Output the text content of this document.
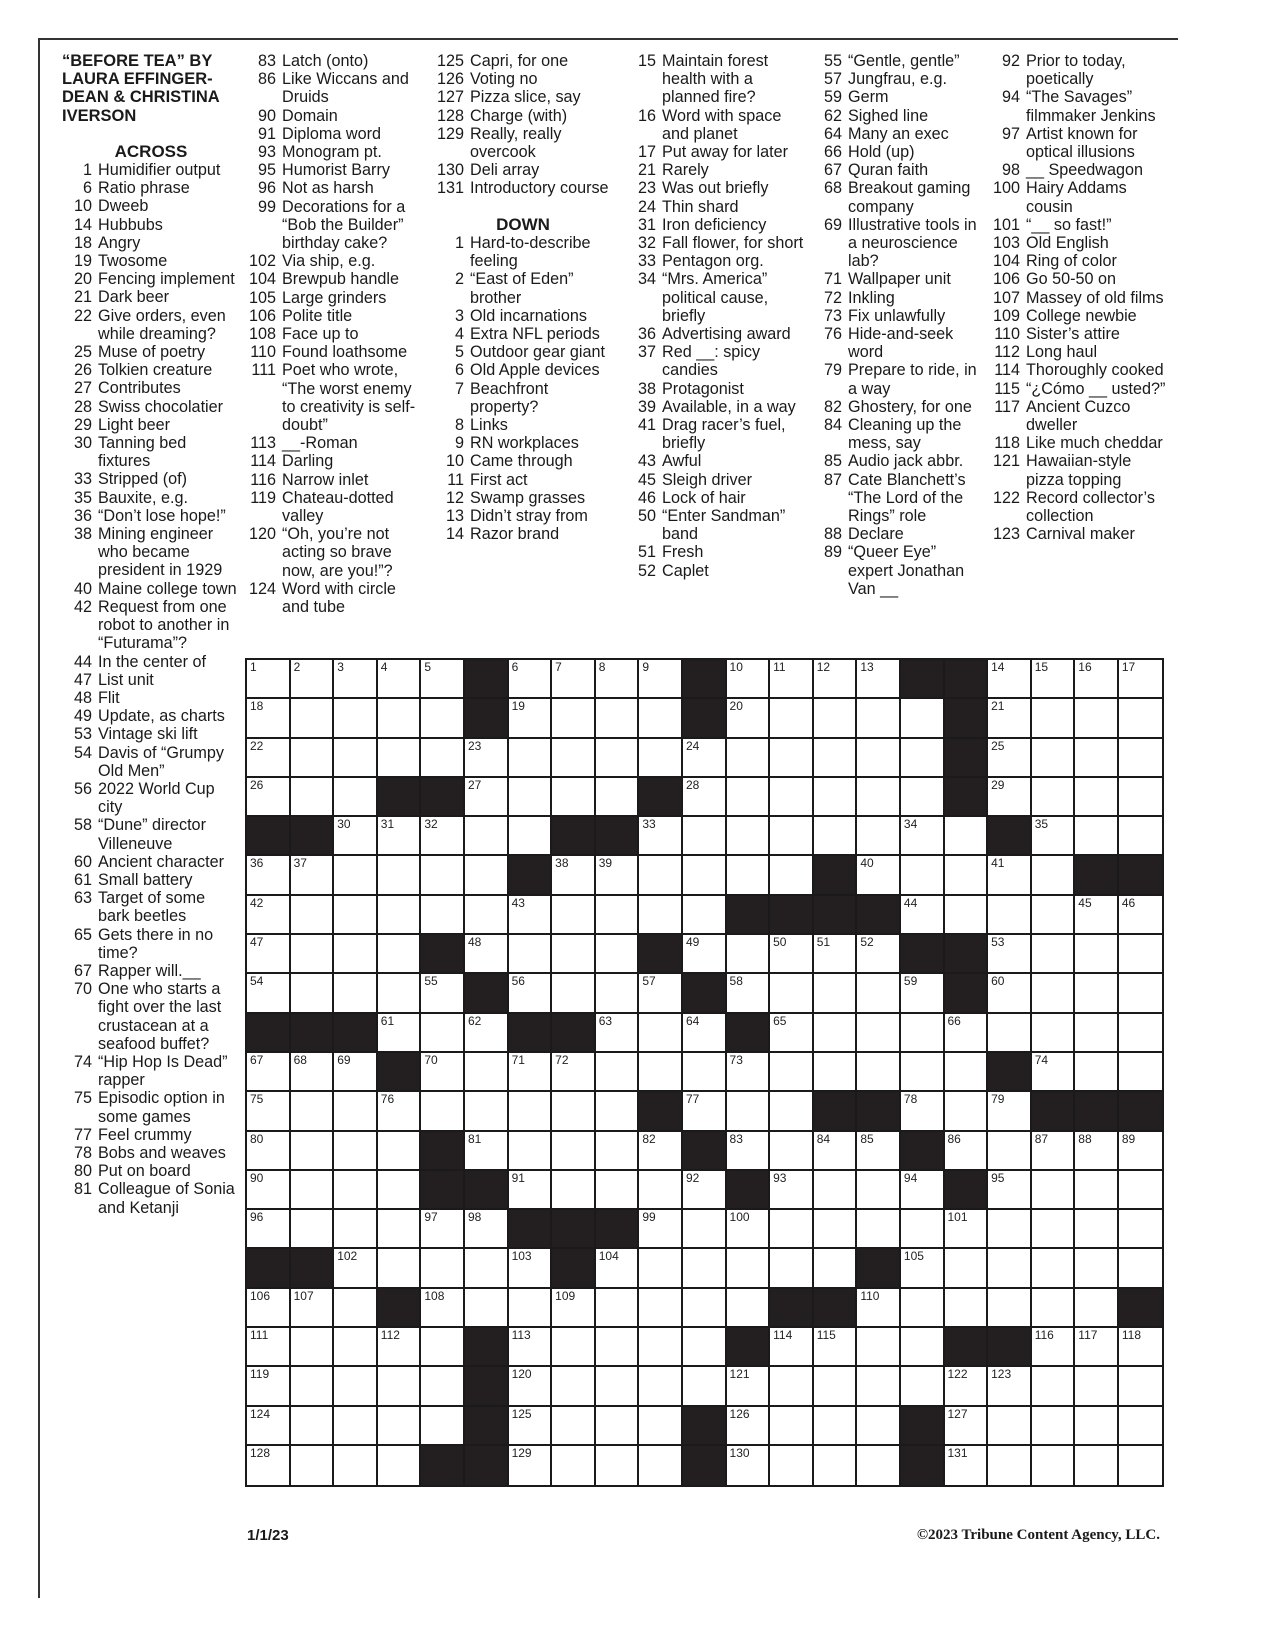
“BEFORE TEA” BY LAURA EFFINGER-DEAN & CHRISTINA IVERSON
ACROSS
1 Humidifier output
6 Ratio phrase
10 Dweeb
14 Hubbubs
18 Angry
19 Twosome
20 Fencing implement
21 Dark beer
22 Give orders, even while dreaming?
25 Muse of poetry
26 Tolkien creature
27 Contributes
28 Swiss chocolatier
29 Light beer
30 Tanning bed fixtures
33 Stripped (of)
35 Bauxite, e.g.
36 “Don’t lose hope!”
38 Mining engineer who became president in 1929
40 Maine college town
42 Request from one robot to another in “Futurama”?
44 In the center of
47 List unit
48 Flit
49 Update, as charts
53 Vintage ski lift
54 Davis of “Grumpy Old Men”
56 2022 World Cup city
58 “Dune” director Villeneuve
60 Ancient character
61 Small battery
63 Target of some bark beetles
65 Gets there in no time?
67 Rapper will.__
70 One who starts a fight over the last crustacean at a seafood buffet?
74 “Hip Hop Is Dead” rapper
75 Episodic option in some games
77 Feel crummy
78 Bobs and weaves
80 Put on board
81 Colleague of Sonia and Ketanji
83 Latch (onto)
86 Like Wiccans and Druids
90 Domain
91 Diploma word
93 Monogram pt.
95 Humorist Barry
96 Not as harsh
99 Decorations for a “Bob the Builder” birthday cake?
102 Via ship, e.g.
104 Brewpub handle
105 Large grinders
106 Polite title
108 Face up to
110 Found loathsome
111 Poet who wrote, “The worst enemy to creativity is self-doubt”
113 __-Roman
114 Darling
116 Narrow inlet
119 Chateau-dotted valley
120 “Oh, you’re not acting so brave now, are you!”?
124 Word with circle and tube
125 Capri, for one
126 Voting no
127 Pizza slice, say
128 Charge (with)
129 Really, really overcook
130 Deli array
131 Introductory course
DOWN
1 Hard-to-describe feeling
2 “East of Eden” brother
3 Old incarnations
4 Extra NFL periods
5 Outdoor gear giant
6 Old Apple devices
7 Beachfront property?
8 Links
9 RN workplaces
10 Came through
11 First act
12 Swamp grasses
13 Didn’t stray from
14 Razor brand
15 Maintain forest health with a planned fire?
16 Word with space and planet
17 Put away for later
21 Rarely
23 Was out briefly
24 Thin shard
31 Iron deficiency
32 Fall flower, for short
33 Pentagon org.
34 “Mrs. America” political cause, briefly
36 Advertising award
37 Red __: spicy candies
38 Protagonist
39 Available, in a way
41 Drag racer’s fuel, briefly
43 Awful
45 Sleigh driver
46 Lock of hair
50 “Enter Sandman” band
51 Fresh
52 Caplet
55 “Gentle, gentle”
57 Jungfrau, e.g.
59 Germ
62 Sighed line
64 Many an exec
66 Hold (up)
67 Quran faith
68 Breakout gaming company
69 Illustrative tools in a neuroscience lab?
71 Wallpaper unit
72 Inkling
73 Fix unlawfully
76 Hide-and-seek word
79 Prepare to ride, in a way
82 Ghostery, for one
84 Cleaning up the mess, say
85 Audio jack abbr.
87 Cate Blanchett’s “The Lord of the Rings” role
88 Declare
89 “Queer Eye” expert Jonathan Van __
92 Prior to today, poetically
94 “The Savages” filmmaker Jenkins
97 Artist known for optical illusions
98 __ Speedwagon
100 Hairy Addams cousin
101 “__ so fast!”
103 Old English
104 Ring of color
106 Go 50-50 on
107 Massey of old films
109 College newbie
110 Sister’s attire
112 Long haul
114 Thoroughly cooked
115 “¿Cómo __ usted?”
117 Ancient Cuzco dweller
118 Like much cheddar
121 Hawaiian-style pizza topping
122 Record collector’s collection
123 Carnival maker
1	2	3	4	5	6	7	8	9	10	11	12	13	14	15	16	17
18	19	20	21
22	23	24	25
26	27	28	29
30	31	32	33	34	35
36	37	38	39	40	41
42	43	44	45	46
47	48	49	50	51	52	53
54	55	56	57	58	59	60
61	62	63	64	65	66
67	68	69	70	71	72	73	74
75	76	77	78	79
80	81	82	83	84	85	86	87	88	89
90	91	92	93	94	95
96	97	98	99	100	101
102	103	104	105
106 107	108	109	110
111	112	113	114 115	116 117 118
119	120	121	122 123
124	125	126	127
128	129	130	131
1/1/23	©2023 Tribune Content Agency, LLC.
